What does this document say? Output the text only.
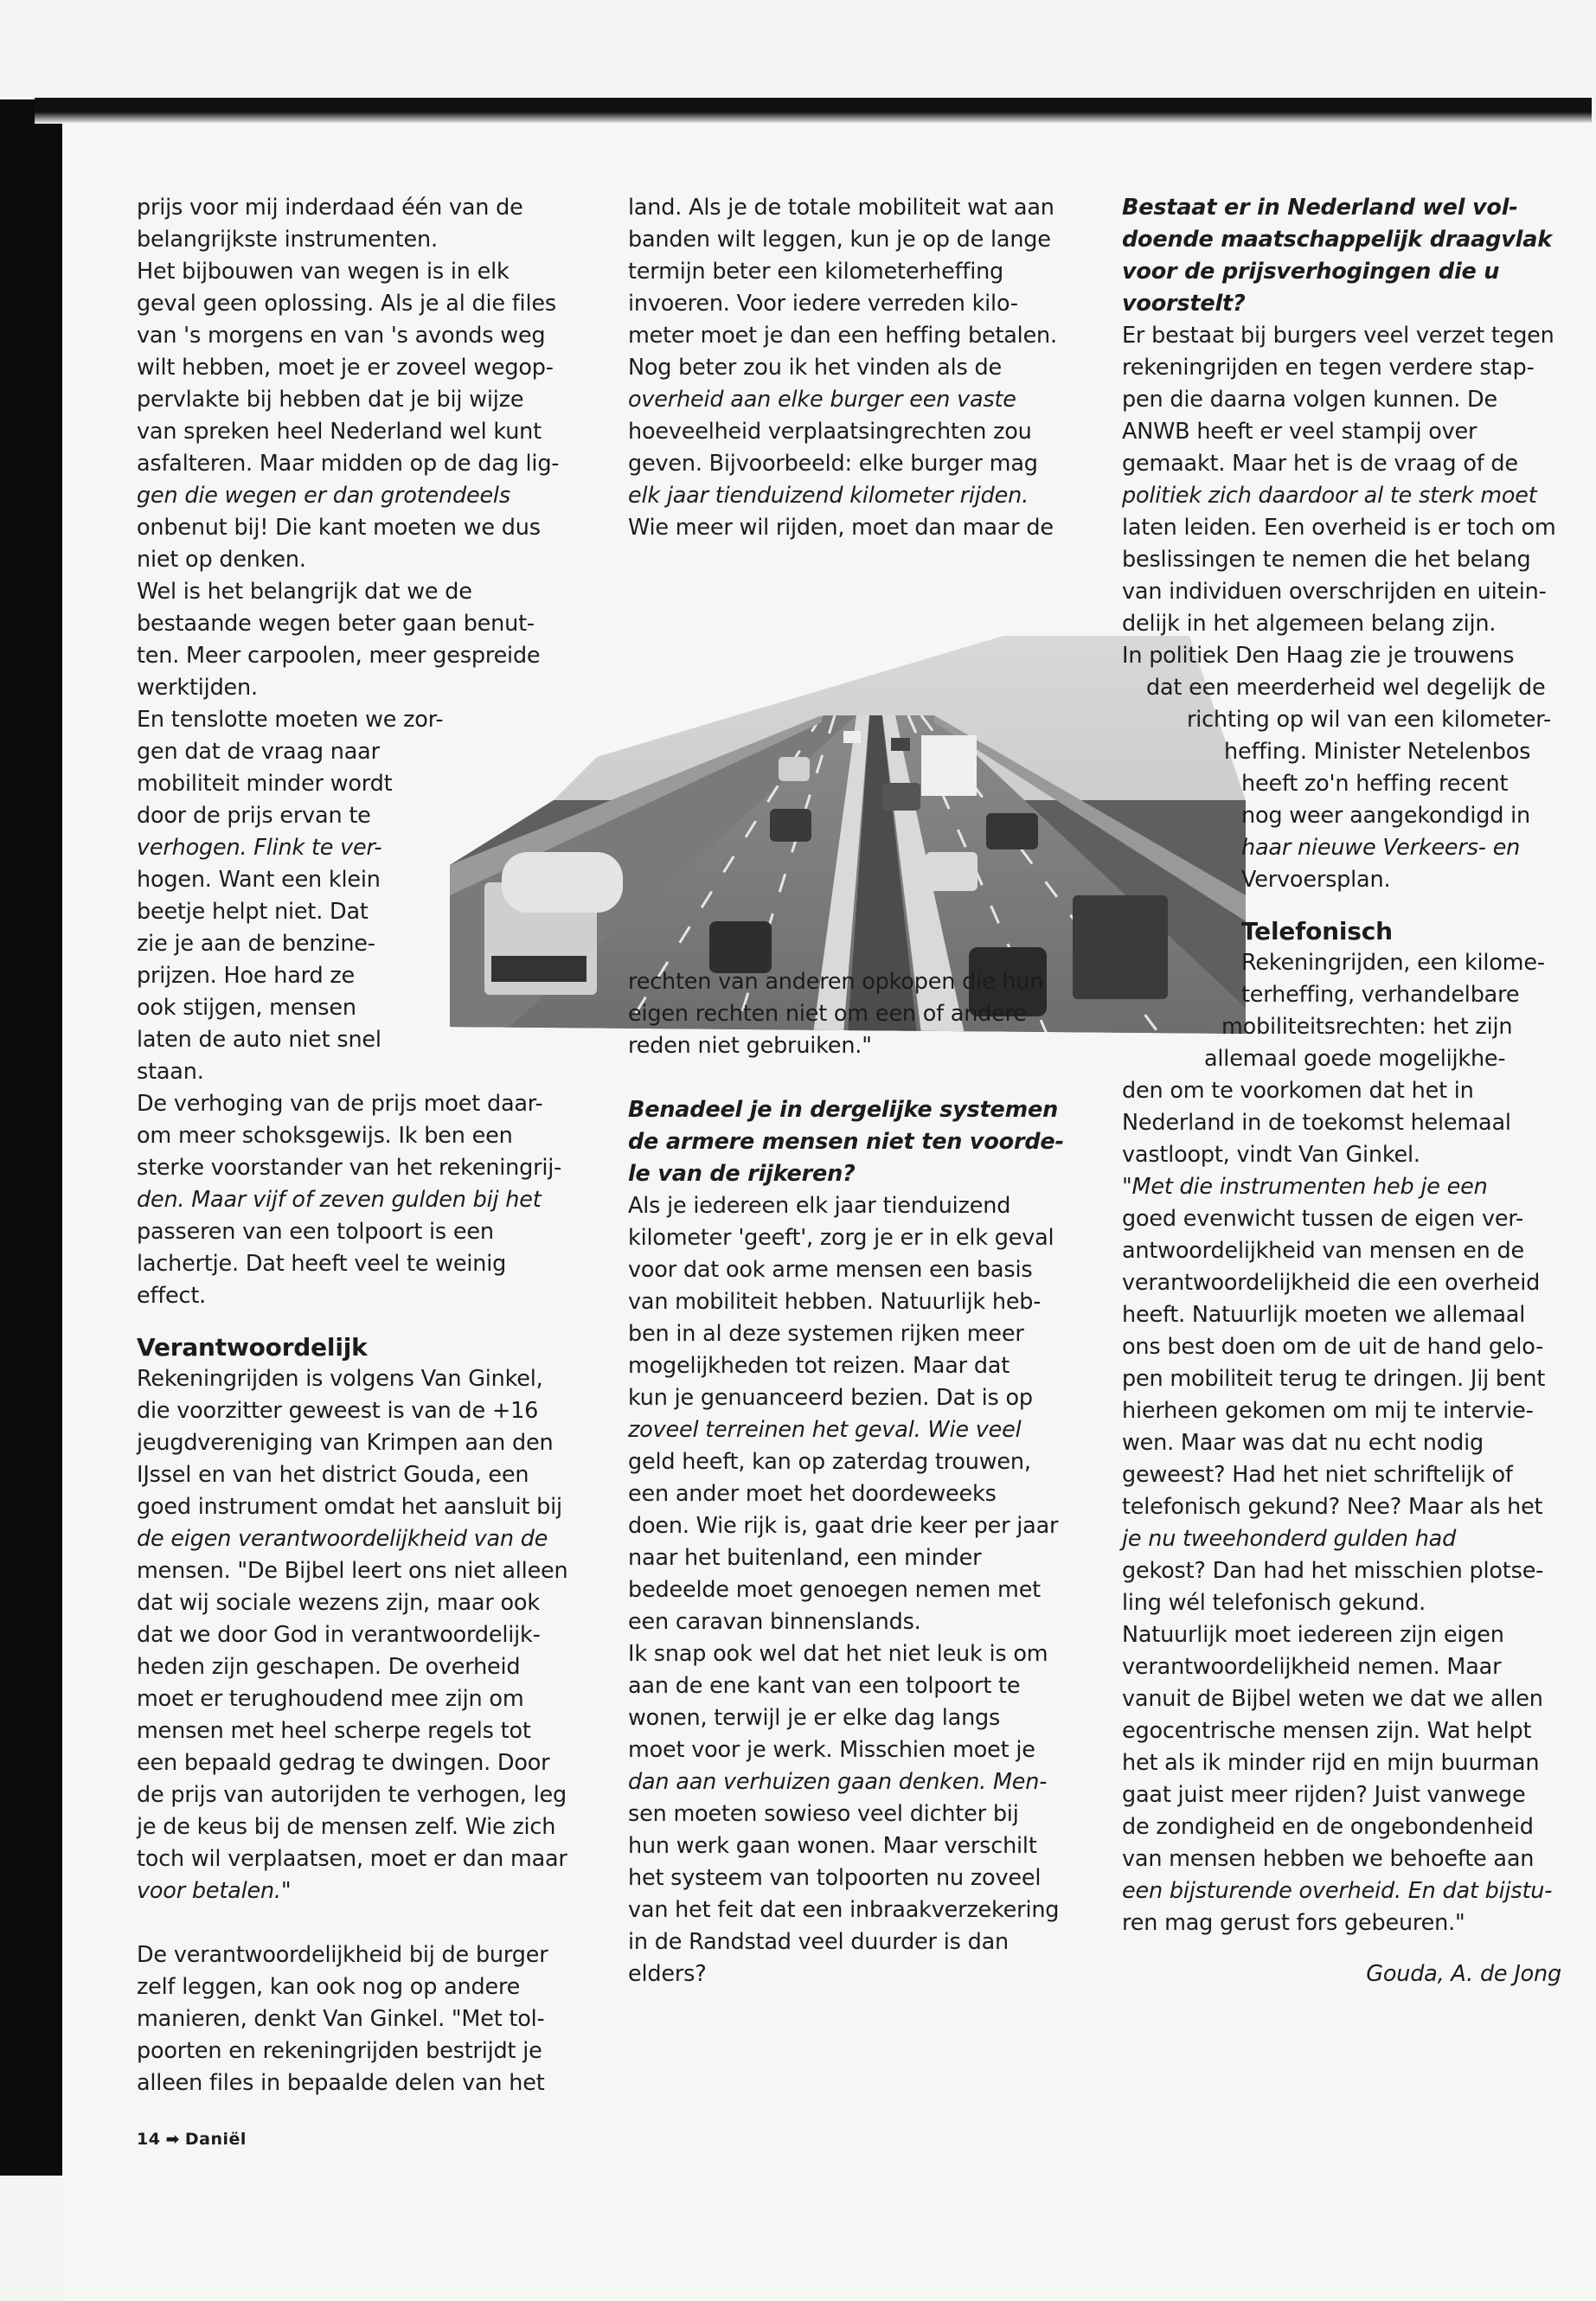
prijs voor mij inderdaad één van de

belangrijkste instrumenten.

Het bijbouwen van wegen is in elk

geval geen oplossing. Als je al die files

van 's morgens en van 's avonds weg

wilt hebben, moet je er zoveel wegop-

pervlakte bij hebben dat je bij wijze

van spreken heel Nederland wel kunt

asfalteren. Maar midden op de dag lig-

gen die wegen er dan grotendeels

onbenut bij! Die kant moeten we dus

niet op denken.

Wel is het belangrijk dat we de

bestaande wegen beter gaan benut-

ten. Meer carpoolen, meer gespreide

werktijden.

En tenslotte moeten we zor-

gen dat de vraag naar

mobiliteit minder wordt

door de prijs ervan te

verhogen. Flink te ver-

hogen. Want een klein

beetje helpt niet. Dat

zie je aan de benzine-

prijzen. Hoe hard ze

ook stijgen, mensen

laten de auto niet snel

staan.

De verhoging van de prijs moet daar-

om meer schoksgewijs. Ik ben een

sterke voorstander van het rekeningrij-

den. Maar vijf of zeven gulden bij het

passeren van een tolpoort is een

lachertje. Dat heeft veel te weinig

effect.

Verantwoordelijk

Rekeningrijden is volgens Van Ginkel,

die voorzitter geweest is van de +16

jeugdvereniging van Krimpen aan den

IJssel en van het district Gouda, een

goed instrument omdat het aansluit bij

de eigen verantwoordelijkheid van de

mensen. "De Bijbel leert ons niet alleen

dat wij sociale wezens zijn, maar ook

dat we door God in verantwoordelijk-

heden zijn geschapen. De overheid

moet er terughoudend mee zijn om

mensen met heel scherpe regels tot

een bepaald gedrag te dwingen. Door

de prijs van autorijden te verhogen, leg

je de keus bij de mensen zelf. Wie zich

toch wil verplaatsen, moet er dan maar

voor betalen."

De verantwoordelijkheid bij de burger

zelf leggen, kan ook nog op andere

manieren, denkt Van Ginkel. "Met tol-

poorten en rekeningrijden bestrijdt je

alleen files in bepaalde delen van het

land. Als je de totale mobiliteit wat aan

banden wilt leggen, kun je op de lange

termijn beter een kilometerheffing

invoeren. Voor iedere verreden kilo-

meter moet je dan een heffing betalen.

Nog beter zou ik het vinden als de

overheid aan elke burger een vaste

hoeveelheid verplaatsingrechten zou

geven. Bijvoorbeeld: elke burger mag

elk jaar tienduizend kilometer rijden.

Wie meer wil rijden, moet dan maar de

rechten van anderen opkopen die hun

eigen rechten niet om een of andere

reden niet gebruiken."

Benadeel je in dergelijke systemen

de armere mensen niet ten voorde-

le van de rijkeren?

Als je iedereen elk jaar tienduizend

kilometer 'geeft', zorg je er in elk geval

voor dat ook arme mensen een basis

van mobiliteit hebben. Natuurlijk heb-

ben in al deze systemen rijken meer

mogelijkheden tot reizen. Maar dat

kun je genuanceerd bezien. Dat is op

zoveel terreinen het geval. Wie veel

geld heeft, kan op zaterdag trouwen,

een ander moet het doordeweeks

doen. Wie rijk is, gaat drie keer per jaar

naar het buitenland, een minder

bedeelde moet genoegen nemen met

een caravan binnenslands.

Ik snap ook wel dat het niet leuk is om

aan de ene kant van een tolpoort te

wonen, terwijl je er elke dag langs

moet voor je werk. Misschien moet je

dan aan verhuizen gaan denken. Men-

sen moeten sowieso veel dichter bij

hun werk gaan wonen. Maar verschilt

het systeem van tolpoorten nu zoveel

van het feit dat een inbraakverzekering

in de Randstad veel duurder is dan

elders?

Bestaat er in Nederland wel vol-

doende maatschappelijk draagvlak

voor de prijsverhogingen die u

voorstelt?

Er bestaat bij burgers veel verzet tegen

rekeningrijden en tegen verdere stap-

pen die daarna volgen kunnen. De

ANWB heeft er veel stampij over

gemaakt. Maar het is de vraag of de

politiek zich daardoor al te sterk moet

laten leiden. Een overheid is er toch om

beslissingen te nemen die het belang

van individuen overschrijden en uitein-

delijk in het algemeen belang zijn.

In politiek Den Haag zie je trouwens

dat een meerderheid wel degelijk de

richting op wil van een kilometer-

heffing. Minister Netelenbos

heeft zo'n heffing recent

nog weer aangekondigd in

haar nieuwe Verkeers- en

Vervoersplan.

Telefonisch

Rekeningrijden, een kilome-

terheffing, verhandelbare

mobiliteitsrechten: het zijn

allemaal goede mogelijkhe-

den om te voorkomen dat het in

Nederland in de toekomst helemaal

vastloopt, vindt Van Ginkel.

"Met die instrumenten heb je een

goed evenwicht tussen de eigen ver-

antwoordelijkheid van mensen en de

verantwoordelijkheid die een overheid

heeft. Natuurlijk moeten we allemaal

ons best doen om de uit de hand gelo-

pen mobiliteit terug te dringen. Jij bent

hierheen gekomen om mij te intervie-

wen. Maar was dat nu echt nodig

geweest? Had het niet schriftelijk of

telefonisch gekund? Nee? Maar als het

je nu tweehonderd gulden had

gekost? Dan had het misschien plotse-

ling wél telefonisch gekund.

Natuurlijk moet iedereen zijn eigen

verantwoordelijkheid nemen. Maar

vanuit de Bijbel weten we dat we allen

egocentrische mensen zijn. Wat helpt

het als ik minder rijd en mijn buurman

gaat juist meer rijden? Juist vanwege

de zondigheid en de ongebondenheid

van mensen hebben we behoefte aan

een bijsturende overheid. En dat bijstu-

ren mag gerust fors gebeuren."

Gouda, A. de Jong

14 ➡ Daniël
